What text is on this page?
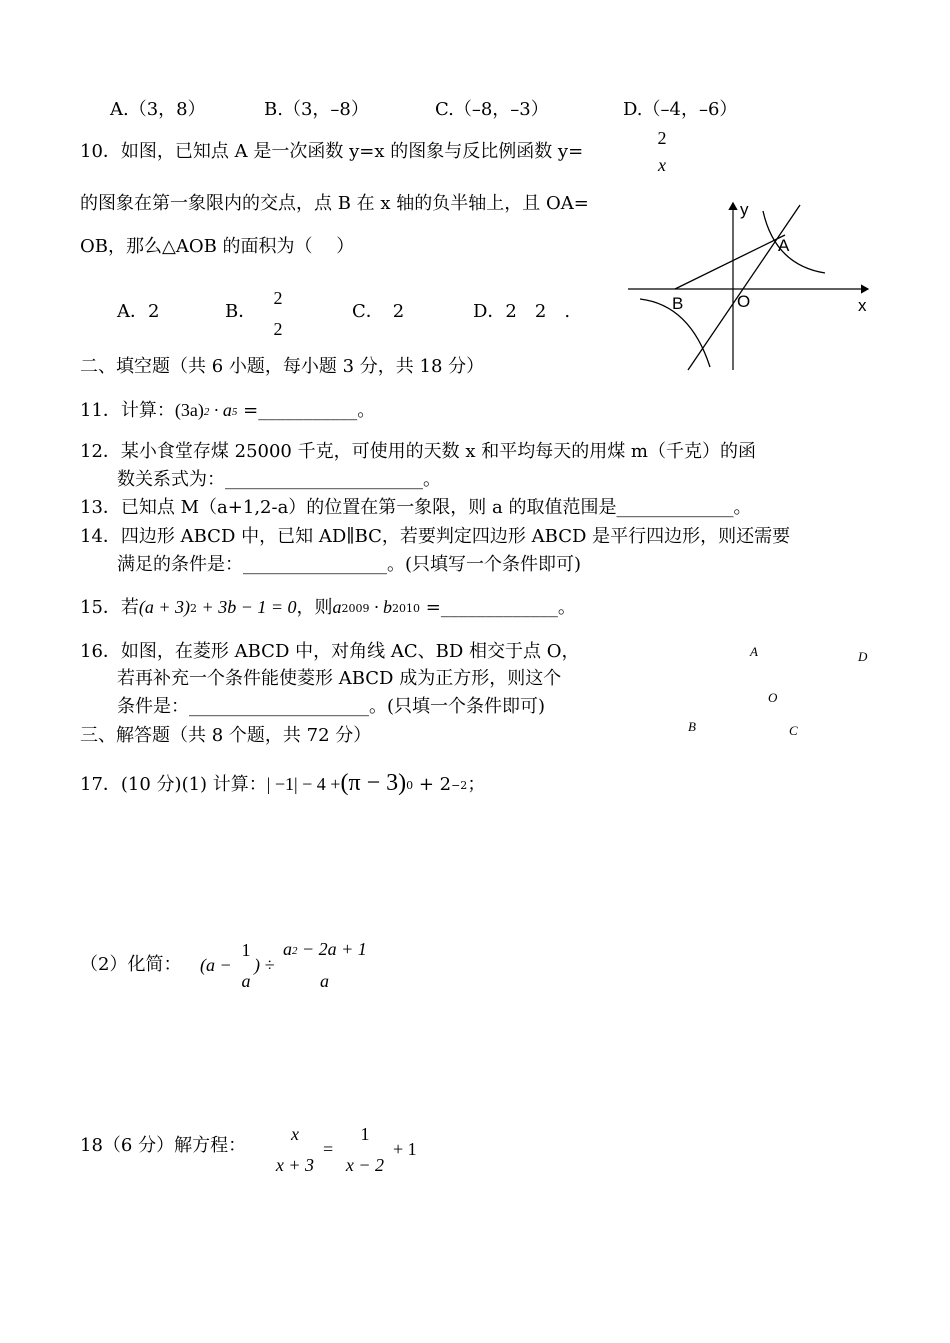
A.（3，8）	B.（3，–8）	C.（–8，–3）	D.（–4，–6）
10．如图，已知点 A 是一次函数 y=x 的图象与反比例函数 y=
2
x
的图象在第一象限内的交点，点 B 在 x 轴的负半轴上，且 OA=
OB，那么△AOB 的面积为（　 ）
A．2	B．
2
2
C．　2	D．2　2　.
y
A
B	O	x
二、填空题（共 6 小题，每小题 3 分，共 18 分）
11．计算：(3a)2 · a5 =___________。
12．某小食堂存煤 25000 千克，可使用的天数 x 和平均每天的用煤 m（千克）的函
数关系式为：______________________。
13．已知点 M（a+1,2-a）的位置在第一象限，则 a 的取值范围是_____________。
14．四边形 ABCD 中，已知 AD∥BC，若要判定四边形 ABCD 是平行四边形，则还需要
满足的条件是：________________。(只填写一个条件即可)
15．若(a + 3)2 + 3b − 1 = 0，则a2009 · b2010 =_____________。
16．如图，在菱形 ABCD 中，对角线 AC、BD 相交于点 O，
若再补充一个条件能使菱形 ABCD 成为正方形，则这个
条件是：____________________。(只填一个条件即可)
A	D
O
B	C
三、解答题（共 8 个题，共 72 分）
17．(10 分)(1) 计算：| −1| − 4 +(π − 3)0 + 2−2；
（2）化简： (a −
1
a
) ÷
a2 − 2a + 1
a
18（6 分）解方程：
x
x + 3
=
1
x − 2
+ 1
